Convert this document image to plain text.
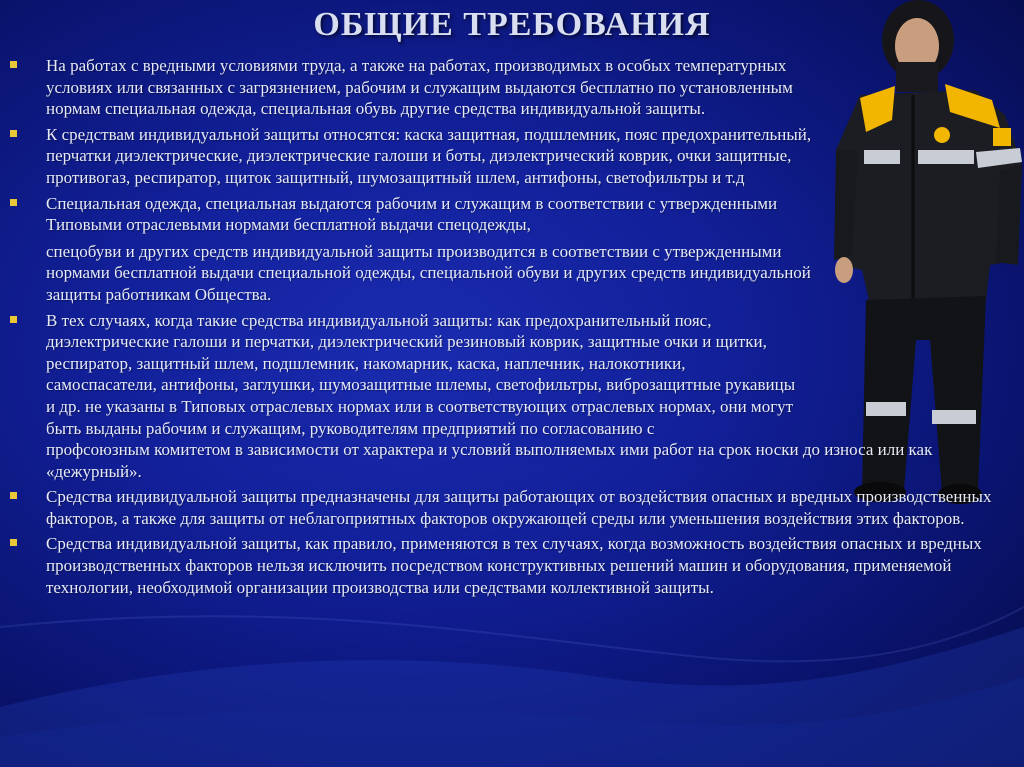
ОБЩИЕ ТРЕБОВАНИЯ
На работах с вредными условиями труда, а также на работах, производимых в особых температурных условиях или связанных с загрязнением, рабочим и служащим выдаются бесплатно по установленным нормам специальная одежда, специальная обувь другие средства индивидуальной защиты.
К средствам индивидуальной защиты относятся: каска защитная, подшлемник, пояс предохранительный, перчатки диэлектрические, диэлектрические галоши и боты, диэлектрический коврик, очки защитные, противогаз, респиратор, щиток защитный, шумозащитный шлем, антифоны, светофильтры и т.д
Специальная одежда, специальная выдаются рабочим и служащим в соответствии с утвержденными Типовыми отраслевыми нормами бесплатной выдачи спецодежды,
спецобуви и других средств индивидуальной защиты производится в соответствии с утвержденными нормами бесплатной выдачи специальной одежды, специальной обуви и других средств индивидуальной защиты работникам Общества.
В тех случаях, когда такие средства индивидуальной защиты: как предохранительный пояс, диэлектрические галоши и перчатки, диэлектрический резиновый коврик, защитные очки и щитки, респиратор, защитный шлем, подшлемник, накомарник, каска, наплечник, налокотники, самоспасатели, антифоны, заглушки, шумозащитные шлемы, светофильтры, виброзащитные рукавицы и др. не указаны в Типовых отраслевых нормах или в соответствующих отраслевых нормах, они могут быть выданы рабочим и служащим, руководителям предприятий по согласованию с
профсоюзным комитетом в зависимости от характера и условий выполняемых ими работ на срок носки до износа или как «дежурный».
Средства индивидуальной защиты предназначены для защиты работающих от воздействия опасных и вредных производственных факторов, а также для защиты от неблагоприятных факторов окружающей среды или уменьшения воздействия этих факторов.
Средства индивидуальной защиты, как правило, применяются в тех случаях, когда возможность воздействия опасных и вредных производственных факторов нельзя исключить посредством конструктивных решений машин и оборудования, применяемой технологии, необходимой организации производства или средствами коллективной защиты.
